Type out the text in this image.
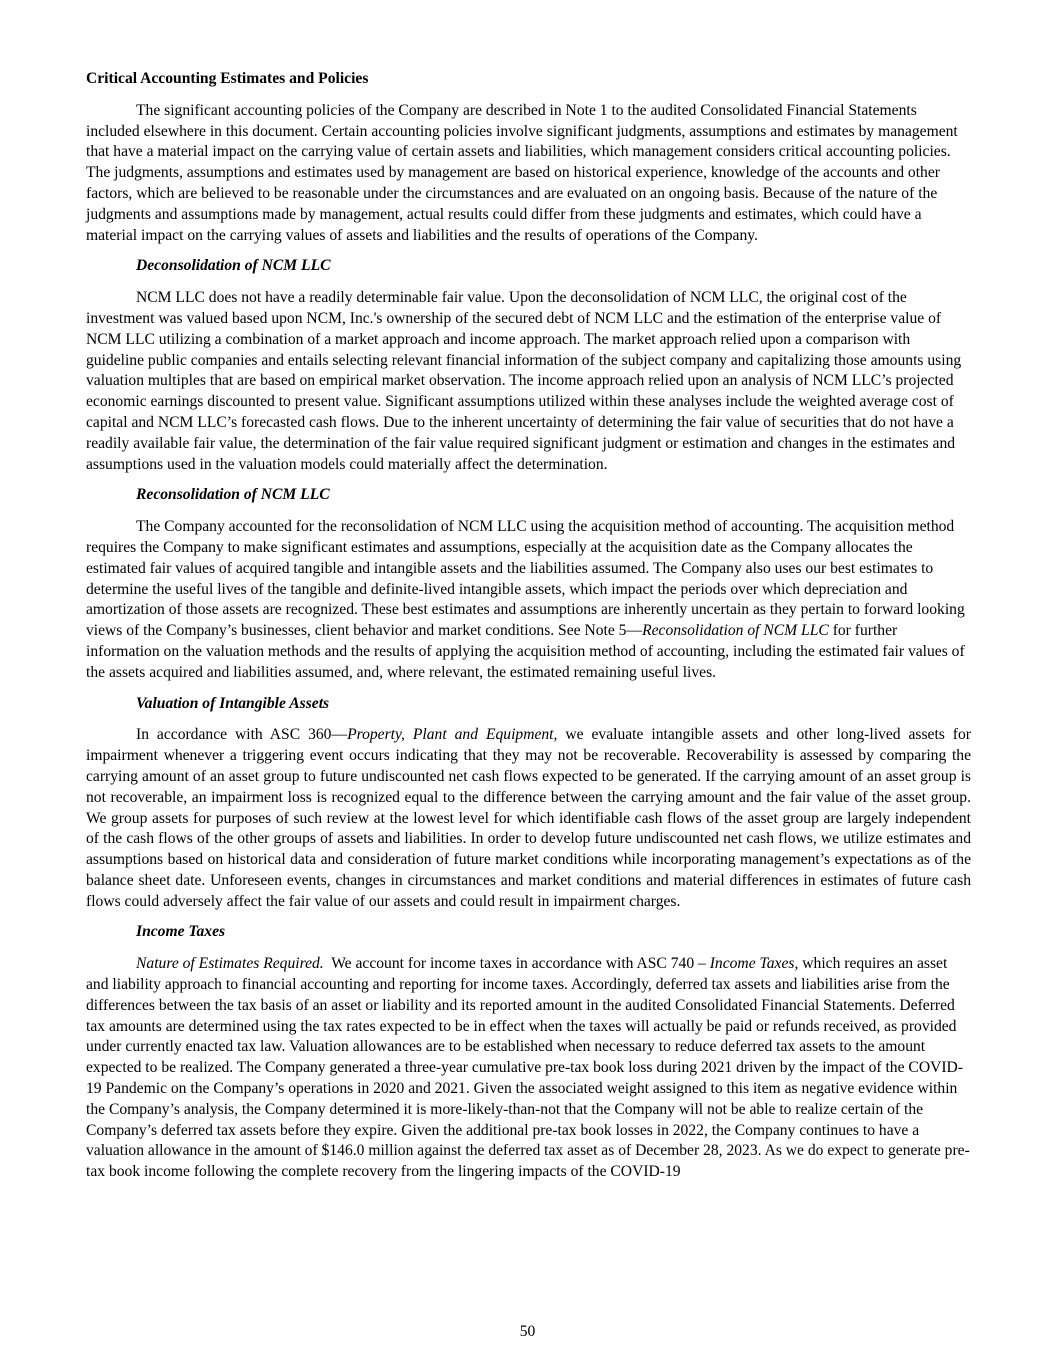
Critical Accounting Estimates and Policies

The significant accounting policies of the Company are described in Note 1 to the audited Consolidated Financial Statements included elsewhere in this document. Certain accounting policies involve significant judgments, assumptions and estimates by management that have a material impact on the carrying value of certain assets and liabilities, which management considers critical accounting policies. The judgments, assumptions and estimates used by management are based on historical experience, knowledge of the accounts and other factors, which are believed to be reasonable under the circumstances and are evaluated on an ongoing basis. Because of the nature of the judgments and assumptions made by management, actual results could differ from these judgments and estimates, which could have a material impact on the carrying values of assets and liabilities and the results of operations of the Company.

Deconsolidation of NCM LLC

NCM LLC does not have a readily determinable fair value. Upon the deconsolidation of NCM LLC, the original cost of the investment was valued based upon NCM, Inc.'s ownership of the secured debt of NCM LLC and the estimation of the enterprise value of NCM LLC utilizing a combination of a market approach and income approach. The market approach relied upon a comparison with guideline public companies and entails selecting relevant financial information of the subject company and capitalizing those amounts using valuation multiples that are based on empirical market observation. The income approach relied upon an analysis of NCM LLC’s projected economic earnings discounted to present value. Significant assumptions utilized within these analyses include the weighted average cost of capital and NCM LLC’s forecasted cash flows. Due to the inherent uncertainty of determining the fair value of securities that do not have a readily available fair value, the determination of the fair value required significant judgment or estimation and changes in the estimates and assumptions used in the valuation models could materially affect the determination.

Reconsolidation of NCM LLC

The Company accounted for the reconsolidation of NCM LLC using the acquisition method of accounting. The acquisition method requires the Company to make significant estimates and assumptions, especially at the acquisition date as the Company allocates the estimated fair values of acquired tangible and intangible assets and the liabilities assumed. The Company also uses our best estimates to determine the useful lives of the tangible and definite-lived intangible assets, which impact the periods over which depreciation and amortization of those assets are recognized. These best estimates and assumptions are inherently uncertain as they pertain to forward looking views of the Company’s businesses, client behavior and market conditions. See Note 5—Reconsolidation of NCM LLC for further information on the valuation methods and the results of applying the acquisition method of accounting, including the estimated fair values of the assets acquired and liabilities assumed, and, where relevant, the estimated remaining useful lives.

Valuation of Intangible Assets

In accordance with ASC 360—Property, Plant and Equipment, we evaluate intangible assets and other long-lived assets for impairment whenever a triggering event occurs indicating that they may not be recoverable. Recoverability is assessed by comparing the carrying amount of an asset group to future undiscounted net cash flows expected to be generated. If the carrying amount of an asset group is not recoverable, an impairment loss is recognized equal to the difference between the carrying amount and the fair value of the asset group. We group assets for purposes of such review at the lowest level for which identifiable cash flows of the asset group are largely independent of the cash flows of the other groups of assets and liabilities. In order to develop future undiscounted net cash flows, we utilize estimates and assumptions based on historical data and consideration of future market conditions while incorporating management’s expectations as of the balance sheet date. Unforeseen events, changes in circumstances and market conditions and material differences in estimates of future cash flows could adversely affect the fair value of our assets and could result in impairment charges.

Income Taxes

Nature of Estimates Required.  We account for income taxes in accordance with ASC 740 – Income Taxes, which requires an asset and liability approach to financial accounting and reporting for income taxes. Accordingly, deferred tax assets and liabilities arise from the differences between the tax basis of an asset or liability and its reported amount in the audited Consolidated Financial Statements. Deferred tax amounts are determined using the tax rates expected to be in effect when the taxes will actually be paid or refunds received, as provided under currently enacted tax law. Valuation allowances are to be established when necessary to reduce deferred tax assets to the amount expected to be realized. The Company generated a three-year cumulative pre-tax book loss during 2021 driven by the impact of the COVID-19 Pandemic on the Company’s operations in 2020 and 2021. Given the associated weight assigned to this item as negative evidence within the Company’s analysis, the Company determined it is more-likely-than-not that the Company will not be able to realize certain of the Company’s deferred tax assets before they expire. Given the additional pre-tax book losses in 2022, the Company continues to have a valuation allowance in the amount of $146.0 million against the deferred tax asset as of December 28, 2023. As we do expect to generate pre-tax book income following the complete recovery from the lingering impacts of the COVID-19

50
